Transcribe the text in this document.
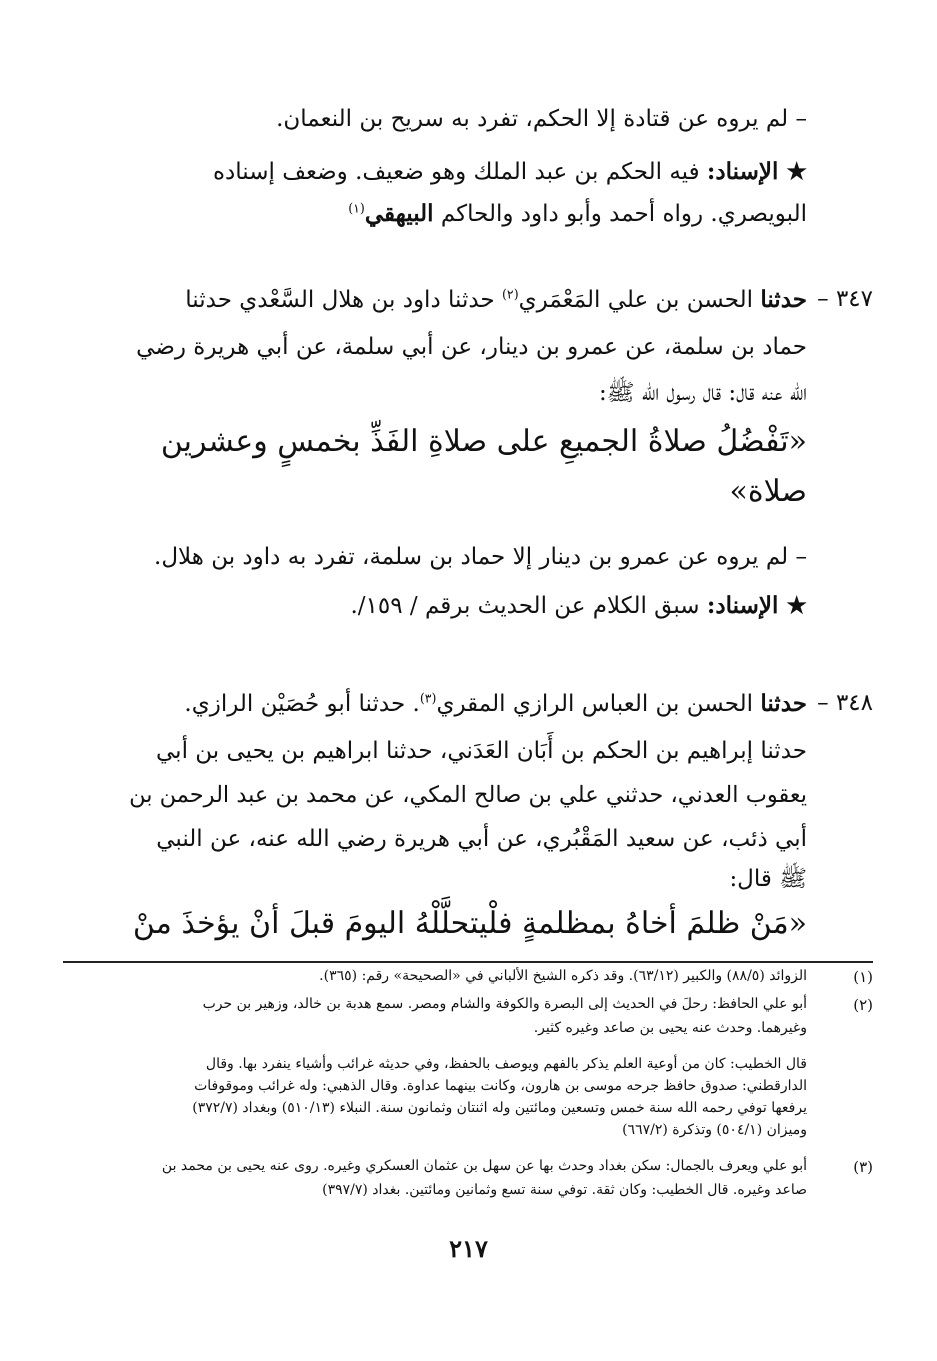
– لم يروه عن قتادة إلا الحكم، تفرد به سريح بن النعمان.
★ الإسناد: فيه الحكم بن عبد الملك وهو ضعيف. وضعف إسناده
البويصري. رواه أحمد وأبو داود والحاكم البيهقي$^{(١)}$
٣٤٧ –
حدثنا الحسن بن علي المَعْمَري$^{(٢)}$ حدثنا داود بن هلال السَّعْدي حدثنا
حماد بن سلمة، عن عمرو بن دينار، عن أبي سلمة، عن أبي هريرة رضي
الله عنه قال: قال رسول الله ﷺ:
«تَفْضُلُ صلاةُ الجميعِ على صلاةِ الفَذِّ بخمسٍ وعشرين
صلاة»
– لم يروه عن عمرو بن دينار إلا حماد بن سلمة، تفرد به داود بن هلال.
★ الإسناد: سبق الكلام عن الحديث برقم / ١٥٩/.
٣٤٨ –
حدثنا الحسن بن العباس الرازي المقري$^{(٣)}$. حدثنا أبو حُصَيْن الرازي.
حدثنا إبراهيم بن الحكم بن أَبَان العَدَني، حدثنا ابراهيم بن يحيى بن أبي
يعقوب العدني، حدثني علي بن صالح المكي، عن محمد بن عبد الرحمن بن
أبي ذئب، عن سعيد المَقْبُري، عن أبي هريرة رضي الله عنه، عن النبي
ﷺ قال:
«مَنْ ظلمَ أخاهُ بمظلمةٍ فلْيتحلَّلْهُ اليومَ قبلَ أنْ يؤخذَ منْ
(١)
الزوائد (٨٨/٥) والكبير (٦٣/١٢). وقد ذكره الشيخ الألباني في «الصحيحة» رقم: (٣٦٥).
(٢)
أبو علي الحافظ: رحلَ في الحديث إلى البصرة والكوفة والشام ومصر. سمع هدبة بن خالد، وزهير بن حرب
وغيرهما. وحدث عنه يحيى بن صاعد وغيره كثير.
قال الخطيب: كان من أوعية العلم يذكر بالفهم ويوصف بالحفظ، وفي حديثه غرائب وأشياء ينفرد بها. وقال
الدارقطني: صدوق حافظ جرحه موسى بن هارون، وكانت بينهما عداوة. وقال الذهبي: وله غرائب وموقوفات
يرفعها توفي رحمه الله سنة خمس وتسعين ومائتين وله اثنتان وثمانون سنة. النبلاء (٥١٠/١٣) وبغداد (٣٧٢/٧)
وميزان (٥٠٤/١) وتذكرة (٦٦٧/٢)
(٣)
أبو علي ويعرف بالجمال: سكن بغداد وحدث بها عن سهل بن عثمان العسكري وغيره. روى عنه يحيى بن محمد بن
صاعد وغيره. قال الخطيب: وكان ثقة. توفي سنة تسع وثمانين ومائتين. بغداد (٣٩٧/٧)
٢١٧
